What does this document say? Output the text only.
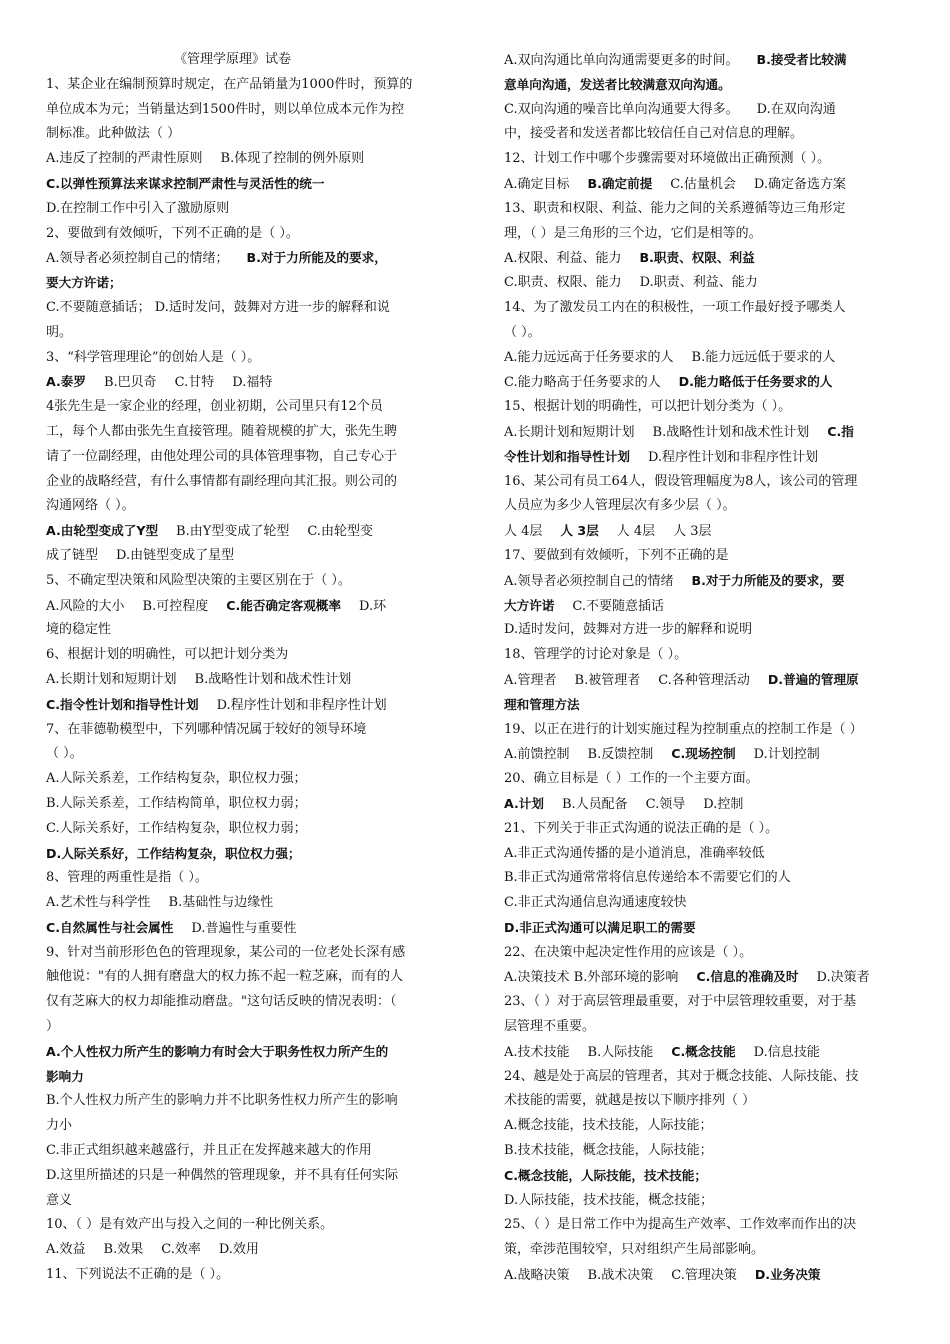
《管理学原理》试卷
1、某企业在编制预算时规定，在产品销量为1000件时，预算的
单位成本为元；当销量达到1500件时，则以单位成本元作为控
制标准。此种做法（ ）
A.违反了控制的严肃性原则 B.体现了控制的例外原则
C.以弹性预算法来谋求控制严肃性与灵活性的统一
D.在控制工作中引入了激励原则
2、要做到有效倾听，下列不正确的是（ ）。
A.领导者必须控制自己的情绪； B.对于力所能及的要求，
要大方许诺；
C.不要随意插话； D.适时发问，鼓舞对方进一步的解释和说
明。
3、“科学管理理论”的创始人是（ ）。
A.泰罗 B.巴贝奇 C.甘特 D.福特
4张先生是一家企业的经理，创业初期，公司里只有12个员
工，每个人都由张先生直接管理。随着规模的扩大，张先生聘
请了一位副经理，由他处理公司的具体管理事物，自己专心于
企业的战略经营，有什么事情都有副经理向其汇报。则公司的
沟通网络（ ）。
A.由轮型变成了Y型 B.由Y型变成了轮型 C.由轮型变
成了链型 D.由链型变成了星型
5、不确定型决策和风险型决策的主要区别在于（ ）。
A.风险的大小 B.可控程度 C.能否确定客观概率 D.环
境的稳定性
6、根据计划的明确性，可以把计划分类为
A.长期计划和短期计划 B.战略性计划和战术性计划
C.指令性计划和指导性计划 D.程序性计划和非程序性计划
7、在菲德勒模型中，下列哪种情况属于较好的领导环境
（ ）。
A.人际关系差，工作结构复杂，职位权力强；
B.人际关系差，工作结构简单，职位权力弱；
C.人际关系好，工作结构复杂，职位权力弱；
D.人际关系好，工作结构复杂，职位权力强；
8、管理的两重性是指（ ）。
A.艺术性与科学性 B.基础性与边缘性
C.自然属性与社会属性 D.普遍性与重要性
9、针对当前形形色色的管理现象，某公司的一位老处长深有感
触他说："有的人拥有磨盘大的权力拣不起一粒芝麻，而有的人
仅有芝麻大的权力却能推动磨盘。"这句话反映的情况表明：（
）
A.个人性权力所产生的影响力有时会大于职务性权力所产生的
影响力
B.个人性权力所产生的影响力并不比职务性权力所产生的影响
力小
C.非正式组织越来越盛行，并且正在发挥越来越大的作用
D.这里所描述的只是一种偶然的管理现象，并不具有任何实际
意义
10、（ ）是有效产出与投入之间的一种比例关系。
A.效益 B.效果 C.效率 D.效用
11、下列说法不正确的是（ ）。
A.双向沟通比单向沟通需要更多的时间。 B.接受者比较满
意单向沟通，发送者比较满意双向沟通。
C.双向沟通的噪音比单向沟通要大得多。 D.在双向沟通
中，接受者和发送者都比较信任自己对信息的理解。
12、计划工作中哪个步骤需要对环境做出正确预测（ ）。
A.确定目标 B.确定前提 C.估量机会 D.确定备选方案
13、职责和权限、利益、能力之间的关系遵循等边三角形定
理，（ ）是三角形的三个边，它们是相等的。
A.权限、利益、能力 B.职责、权限、利益
C.职责、权限、能力 D.职责、利益、能力
14、为了激发员工内在的积极性，一项工作最好授予哪类人
（ ）。
A.能力远远高于任务要求的人 B.能力远远低于要求的人
C.能力略高于任务要求的人 D.能力略低于任务要求的人
15、根据计划的明确性，可以把计划分类为（ ）。
A.长期计划和短期计划 B.战略性计划和战术性计划 C.指
令性计划和指导性计划 D.程序性计划和非程序性计划
16、某公司有员工64人，假设管理幅度为8人，该公司的管理
人员应为多少人管理层次有多少层（ ）。
人 4层 人 3层 人 4层 人 3层
17、要做到有效倾听，下列不正确的是
A.领导者必须控制自己的情绪 B.对于力所能及的要求，要
大方许诺 C.不要随意插话
D.适时发问，鼓舞对方进一步的解释和说明
18、管理学的讨论对象是（ ）。
A.管理者 B.被管理者 C.各种管理活动 D.普遍的管理原
理和管理方法
19、以正在进行的计划实施过程为控制重点的控制工作是（ ）
A.前馈控制 B.反馈控制 C.现场控制 D.计划控制
20、确立目标是（ ）工作的一个主要方面。
A.计划 B.人员配备 C.领导 D.控制
21、下列关于非正式沟通的说法正确的是（ ）。
A.非正式沟通传播的是小道消息，准确率较低
B.非正式沟通常常将信息传递给本不需要它们的人
C.非正式沟通信息沟通速度较快
D.非正式沟通可以满足职工的需要
22、在决策中起决定性作用的应该是（ ）。
A.决策技术 B.外部环境的影响 C.信息的准确及时 D.决策者
23、（ ）对于高层管理最重要，对于中层管理较重要，对于基
层管理不重要。
A.技术技能 B.人际技能 C.概念技能 D.信息技能
24、越是处于高层的管理者，其对于概念技能、人际技能、技
术技能的需要，就越是按以下顺序排列（ ）
A.概念技能，技术技能，人际技能；
B.技术技能，概念技能，人际技能；
C.概念技能，人际技能，技术技能；
D.人际技能，技术技能，概念技能；
25、（ ）是日常工作中为提高生产效率、工作效率而作出的决
策，牵涉范围较窄，只对组织产生局部影响。
A.战略决策 B.战术决策 C.管理决策 D.业务决策
